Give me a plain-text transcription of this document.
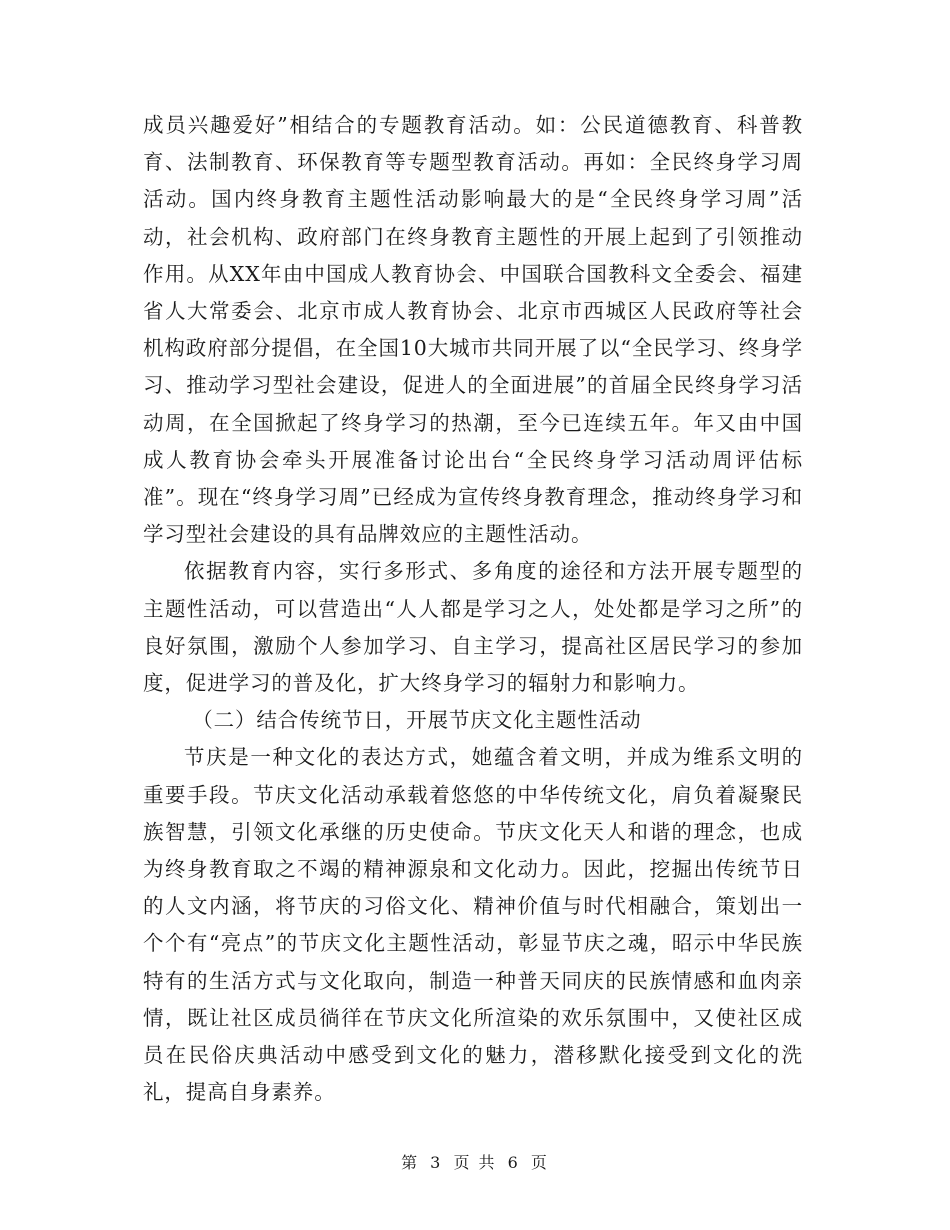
成员兴趣爱好”相结合的专题教育活动。如：公民道德教育、科普教育、法制教育、环保教育等专题型教育活动。再如：全民终身学习周活动。国内终身教育主题性活动影响最大的是“全民终身学习周”活动，社会机构、政府部门在终身教育主题性的开展上起到了引领推动作用。从XX年由中国成人教育协会、中国联合国教科文全委会、福建省人大常委会、北京市成人教育协会、北京市西城区人民政府等社会机构政府部分提倡，在全国10大城市共同开展了以“全民学习、终身学习、推动学习型社会建设，促进人的全面进展”的首届全民终身学习活动周，在全国掀起了终身学习的热潮，至今已连续五年。年又由中国成人教育协会牵头开展准备讨论出台“全民终身学习活动周评估标准”。现在“终身学习周”已经成为宣传终身教育理念，推动终身学习和学习型社会建设的具有品牌效应的主题性活动。

依据教育内容，实行多形式、多角度的途径和方法开展专题型的主题性活动，可以营造出“人人都是学习之人，处处都是学习之所”的良好氛围，激励个人参加学习、自主学习，提高社区居民学习的参加度，促进学习的普及化，扩大终身学习的辐射力和影响力。

（二）结合传统节日，开展节庆文化主题性活动

节庆是一种文化的表达方式，她蕴含着文明，并成为维系文明的重要手段。节庆文化活动承载着悠悠的中华传统文化，肩负着凝聚民族智慧，引领文化承继的历史使命。节庆文化天人和谐的理念，也成为终身教育取之不竭的精神源泉和文化动力。因此，挖掘出传统节日的人文内涵，将节庆的习俗文化、精神价值与时代相融合，策划出一个个有“亮点”的节庆文化主题性活动，彰显节庆之魂，昭示中华民族特有的生活方式与文化取向，制造一种普天同庆的民族情感和血肉亲情，既让社区成员徜徉在节庆文化所渲染的欢乐氛围中，又使社区成员在民俗庆典活动中感受到文化的魅力，潜移默化接受到文化的洗礼，提高自身素养。

第 3 页 共 6 页
